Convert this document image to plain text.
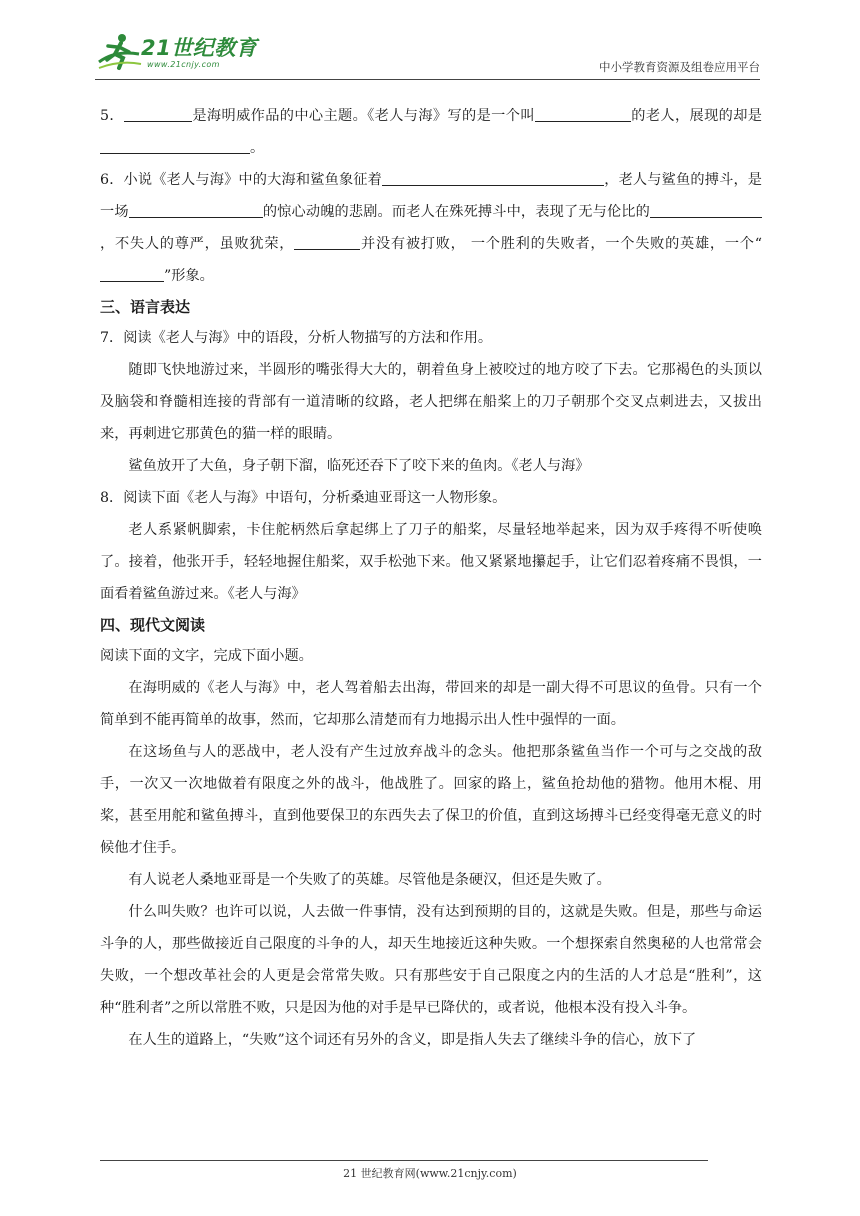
21世纪教育
www.21cnjy.com	中小学教育资源及组卷应用平台

5．	是海明威作品的中心主题。《老人与海》写的是一个叫	的老人，展现的却是。

6．小说《老人与海》中的大海和鲨鱼象征着	，老人与鲨鱼的搏斗，是一场	的惊心动魄的悲剧。而老人在殊死搏斗中，表现了无与伦比的，不失人的尊严，虽败犹荣，	并没有被打败， 一个胜利的失败者，一个失败的英雄，一个“”形象。

三、语言表达

7．阅读《老人与海》中的语段，分析人物描写的方法和作用。

随即飞快地游过来，半圆形的嘴张得大大的，朝着鱼身上被咬过的地方咬了下去。它那褐色的头顶以及脑袋和脊髓相连接的背部有一道清晰的纹路，老人把绑在船桨上的刀子朝那个交叉点刺进去，又拔出来，再刺进它那黄色的猫一样的眼睛。

鲨鱼放开了大鱼，身子朝下溜，临死还吞下了咬下来的鱼肉。《老人与海》

8．阅读下面《老人与海》中语句，分析桑迪亚哥这一人物形象。

老人系紧帆脚索，卡住舵柄然后拿起绑上了刀子的船桨，尽量轻地举起来，因为双手疼得不听使唤了。接着，他张开手，轻轻地握住船桨，双手松弛下来。他又紧紧地攥起手，让它们忍着疼痛不畏惧，一面看着鲨鱼游过来。《老人与海》

四、现代文阅读

阅读下面的文字，完成下面小题。

在海明威的《老人与海》中，老人驾着船去出海，带回来的却是一副大得不可思议的鱼骨。只有一个简单到不能再简单的故事，然而，它却那么清楚而有力地揭示出人性中强悍的一面。

在这场鱼与人的恶战中，老人没有产生过放弃战斗的念头。他把那条鲨鱼当作一个可与之交战的敌手，一次又一次地做着有限度之外的战斗，他战胜了。回家的路上，鲨鱼抢劫他的猎物。他用木棍、用桨，甚至用舵和鲨鱼搏斗，直到他要保卫的东西失去了保卫的价值，直到这场搏斗已经变得毫无意义的时候他才住手。

有人说老人桑地亚哥是一个失败了的英雄。尽管他是条硬汉，但还是失败了。

什么叫失败？也许可以说，人去做一件事情，没有达到预期的目的，这就是失败。但是，那些与命运斗争的人，那些做接近自己限度的斗争的人，却天生地接近这种失败。一个想探索自然奥秘的人也常常会失败，一个想改革社会的人更是会常常失败。只有那些安于自己限度之内的生活的人才总是“胜利”，这种“胜利者”之所以常胜不败，只是因为他的对手是早已降伏的，或者说，他根本没有投入斗争。

在人生的道路上，“失败”这个词还有另外的含义，即是指人失去了继续斗争的信心，放下了

21 世纪教育网(www.21cnjy.com)
